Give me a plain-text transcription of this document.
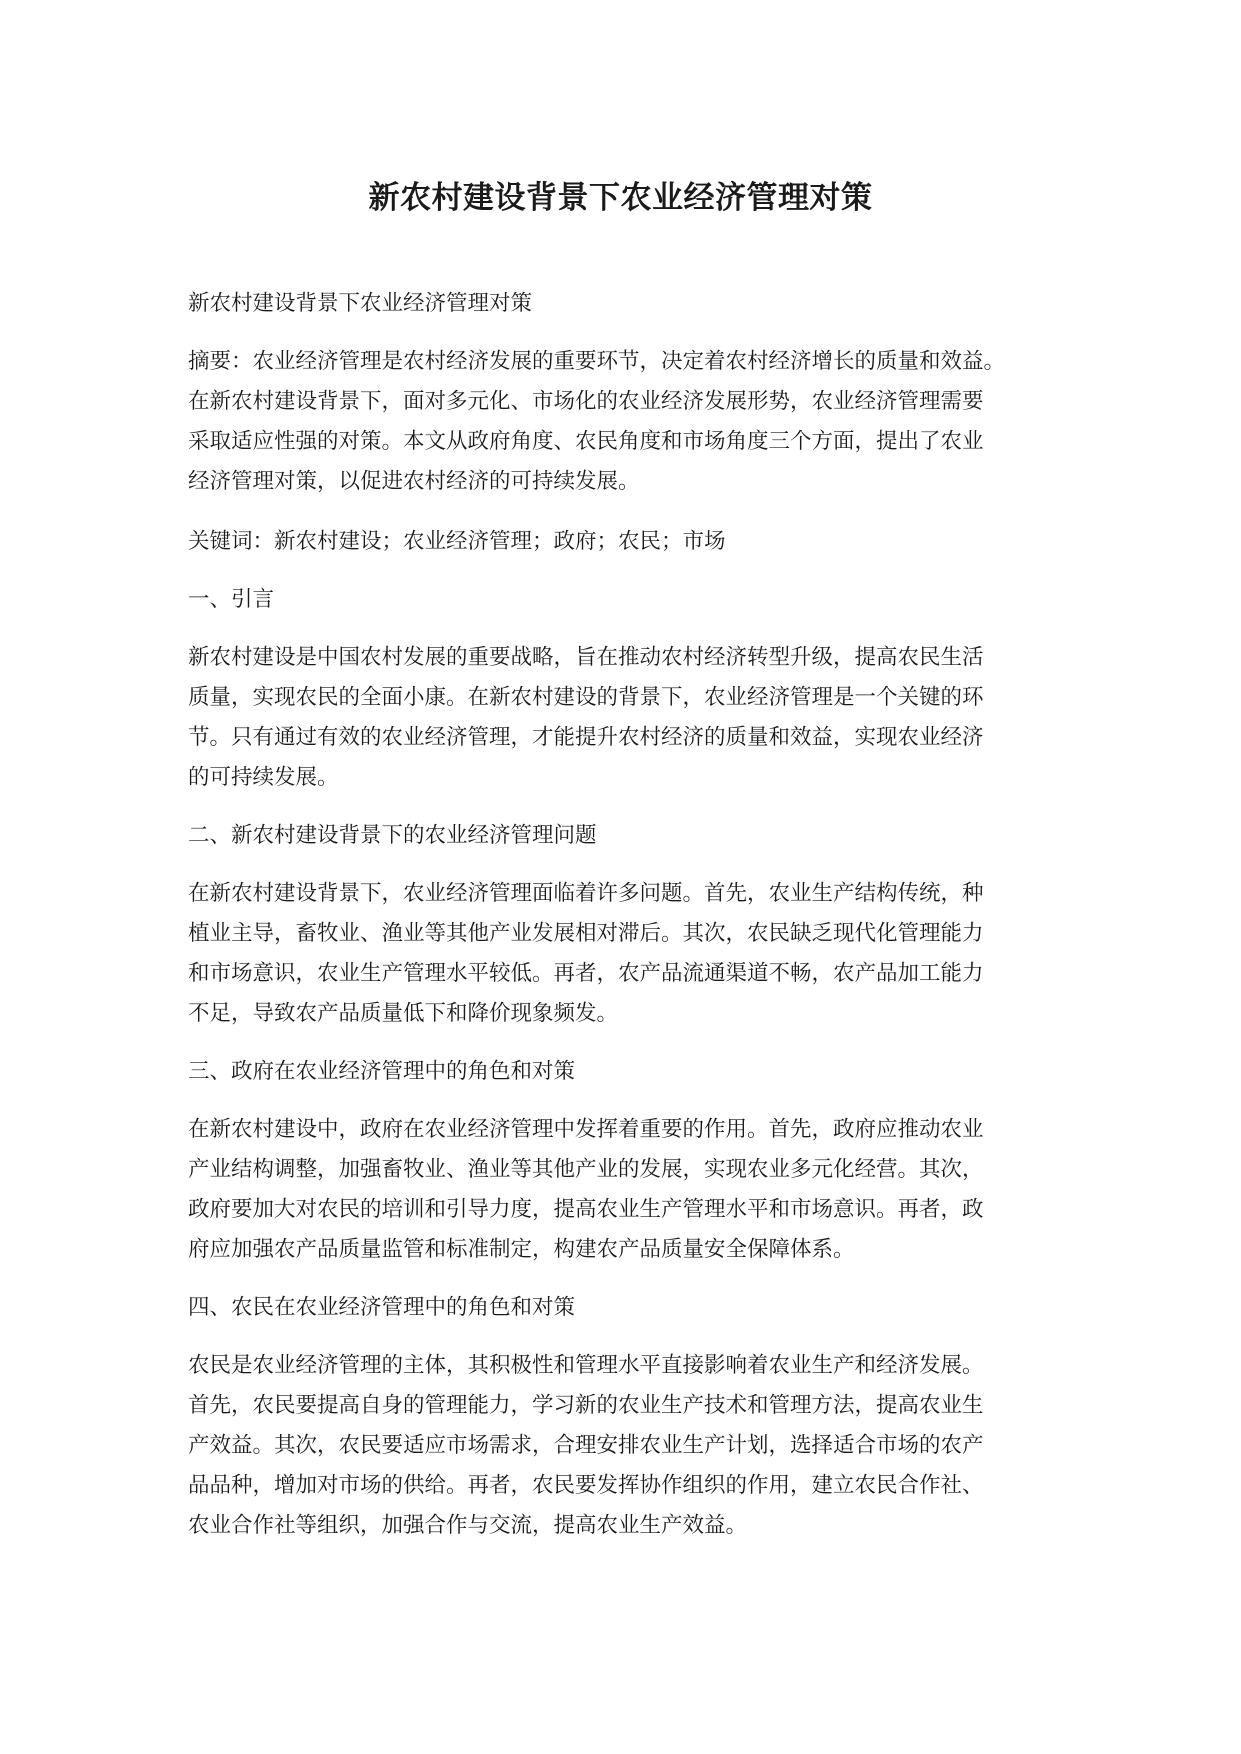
新农村建设背景下农业经济管理对策

新农村建设背景下农业经济管理对策

摘要：农业经济管理是农村经济发展的重要环节，决定着农村经济增长的质量和效益。
在新农村建设背景下，面对多元化、市场化的农业经济发展形势，农业经济管理需要
采取适应性强的对策。本文从政府角度、农民角度和市场角度三个方面，提出了农业
经济管理对策，以促进农村经济的可持续发展。

关键词：新农村建设；农业经济管理；政府；农民；市场

一、引言

新农村建设是中国农村发展的重要战略，旨在推动农村经济转型升级，提高农民生活
质量，实现农民的全面小康。在新农村建设的背景下，农业经济管理是一个关键的环
节。只有通过有效的农业经济管理，才能提升农村经济的质量和效益，实现农业经济
的可持续发展。

二、新农村建设背景下的农业经济管理问题

在新农村建设背景下，农业经济管理面临着许多问题。首先，农业生产结构传统，种
植业主导，畜牧业、渔业等其他产业发展相对滞后。其次，农民缺乏现代化管理能力
和市场意识，农业生产管理水平较低。再者，农产品流通渠道不畅，农产品加工能力
不足，导致农产品质量低下和降价现象频发。

三、政府在农业经济管理中的角色和对策

在新农村建设中，政府在农业经济管理中发挥着重要的作用。首先，政府应推动农业
产业结构调整，加强畜牧业、渔业等其他产业的发展，实现农业多元化经营。其次，
政府要加大对农民的培训和引导力度，提高农业生产管理水平和市场意识。再者，政
府应加强农产品质量监管和标准制定，构建农产品质量安全保障体系。

四、农民在农业经济管理中的角色和对策

农民是农业经济管理的主体，其积极性和管理水平直接影响着农业生产和经济发展。
首先，农民要提高自身的管理能力，学习新的农业生产技术和管理方法，提高农业生
产效益。其次，农民要适应市场需求，合理安排农业生产计划，选择适合市场的农产
品品种，增加对市场的供给。再者，农民要发挥协作组织的作用，建立农民合作社、
农业合作社等组织，加强合作与交流，提高农业生产效益。
